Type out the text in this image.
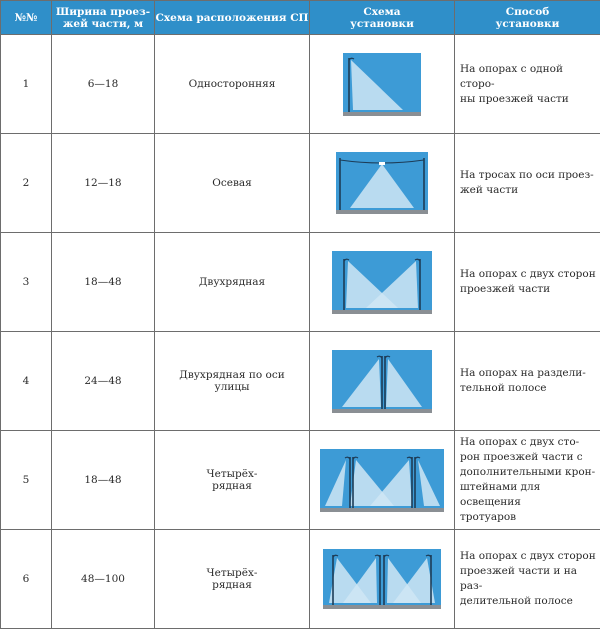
№№	Ширина проез-
жей части, м	Схема расположения СП	Схема
установки	Способ
установки

1	6—18	Односторонняя		На опорах с одной сторо-
ны проезжей части

2	12—18	Осевая		На тросах по оси проез-
жей части

3	18—48	Двухрядная		На опорах с двух сторон
проезжей части

4	24—48	Двухрядная по оси
улицы		На опорах на раздели-
тельной полосе

5	18—48	Четырёх-
рядная		На опорах с двух сто-
рон проезжей части с
дополнительными крон-
штейнами для освещения
тротуаров

6	48—100	Четырёх-
рядная		На опорах с двух сторон
проезжей части и на раз-
делительной полосе
